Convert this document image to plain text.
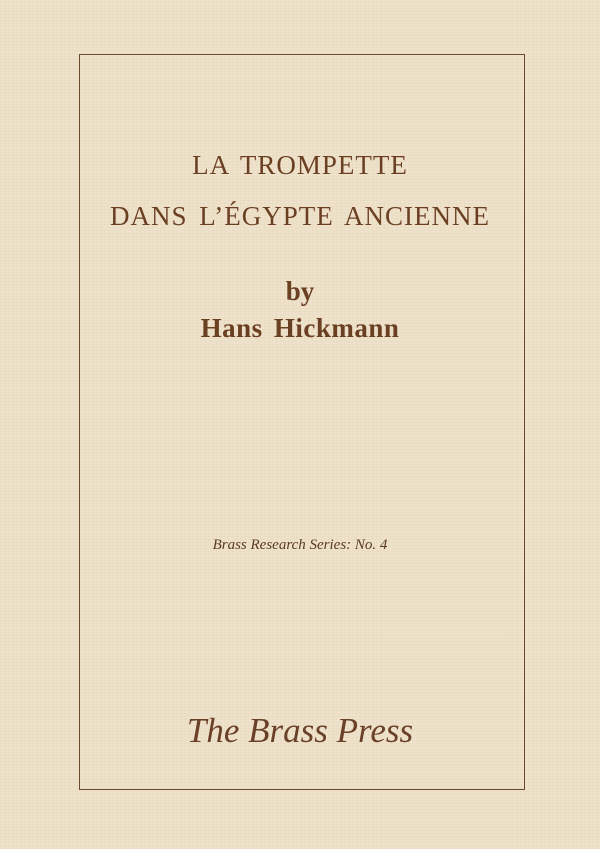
LA TROMPETTE
DANS L’ÉGYPTE ANCIENNE
by
Hans Hickmann
Brass Research Series: No. 4
The Brass Press
